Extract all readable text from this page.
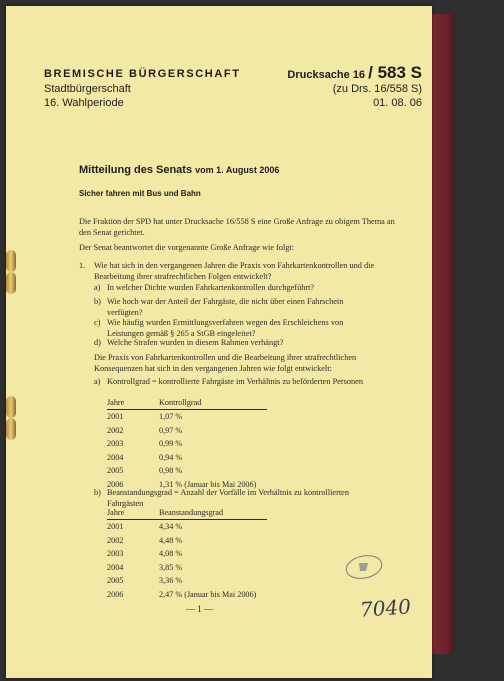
BREMISCHE BÜRGERSCHAFT
Stadtbürgerschaft
16. Wahlperiode
Drucksache 16 / 583 S
(zu Drs. 16/558 S)
01. 08. 06
Mitteilung des Senats vom 1. August 2006
Sicher fahren mit Bus und Bahn
Die Fraktion der SPD hat unter Drucksache 16/558 S eine Große Anfrage zu obigem Thema an den Senat gerichtet.
Der Senat beantwortet die vorgenannte Große Anfrage wie folgt:
1. Wie hat sich in den vergangenen Jahren die Praxis von Fahrkartenkontrollen und die Bearbeitung ihrer strafrechtlichen Folgen entwickelt?
a) In welcher Dichte wurden Fahrkartenkontrollen durchgeführt?
b) Wie hoch war der Anteil der Fahrgäste, die nicht über einen Fahrschein verfügten?
c) Wie häufig wurden Ermittlungsverfahren wegen des Erschleichens von Leistungen gemäß § 265 a StGB eingeleitet?
d) Welche Strafen wurden in diesem Rahmen verhängt?
Die Praxis von Fahrkartenkontrollen und die Bearbeitung ihrer strafrechtlichen Konsequenzen hat sich in den vergangenen Jahren wie folgt entwickelt:
a) Kontrollgrad = kontrollierte Fahrgäste im Verhältnis zu beförderten Personen
Jahre	Kontrollgrad
2001	1,07 %
2002	0,97 %
2003	0,99 %
2004	0,94 %
2005	0,98 %
2006	1,31 % (Januar bis Mai 2006)
b) Beanstandungsgrad = Anzahl der Vorfälle im Verhältnis zu kontrollierten Fahrgästen
Jahre	Beanstandungsgrad
2001	4,34 %
2002	4,48 %
2003	4,08 %
2004	3,85 %
2005	3,36 %
2006	2,47 % (Januar bis Mai 2006)
— 1 —	7040
